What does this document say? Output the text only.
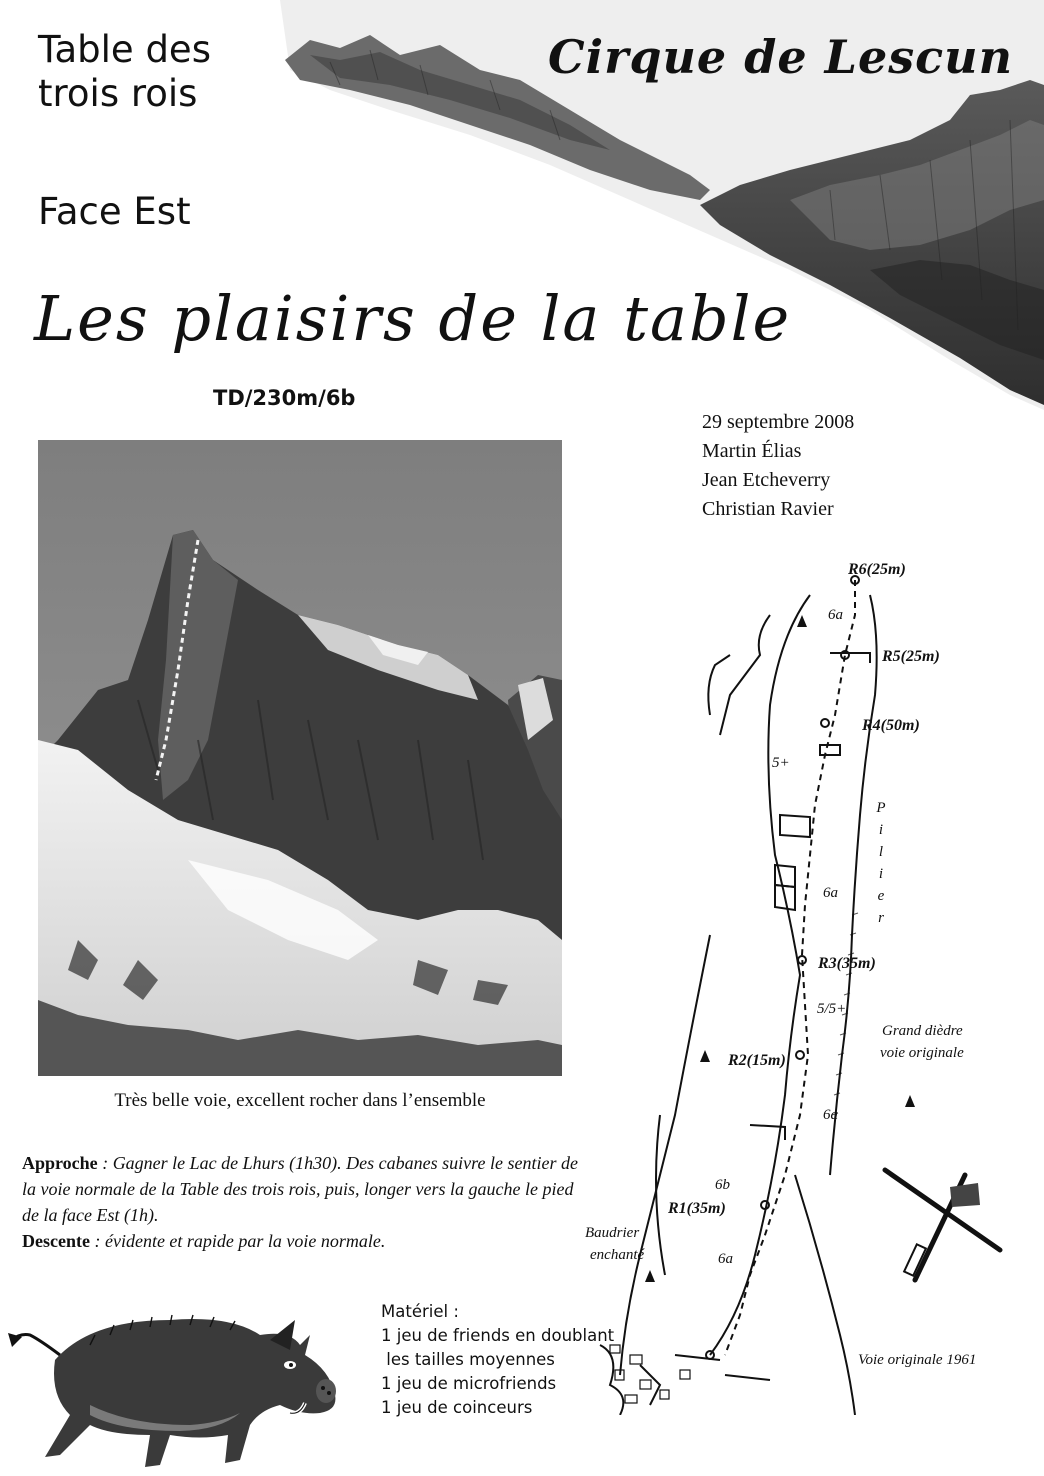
Table des
trois rois
Face Est
Cirque de Lescun
Les plaisirs de la table
TD/230m/6b
29 septembre 2008
Martin Élias
Jean Etcheverry
Christian Ravier
Très belle voie, excellent rocher dans l’ensemble
Approche : Gagner le Lac de Lhurs (1h30). Des cabanes suivre le sentier de la voie normale de la Table des trois rois, puis, longer vers la gauche le pied de la face Est (1h).
Descente : évidente et rapide par la voie normale.
Matériel :
1 jeu de friends en doublant
les tailles moyennes
1 jeu de microfriends
1 jeu de coinceurs
R6(25m)
R5(25m)
R4(50m)
R3(35m)
R2(15m)
R1(35m)
6a
5+
6a
5/5+
6a
6b
6a
Pilier
Grand dièdre
voie originale
Baudrier
enchanté
Voie originale 1961
